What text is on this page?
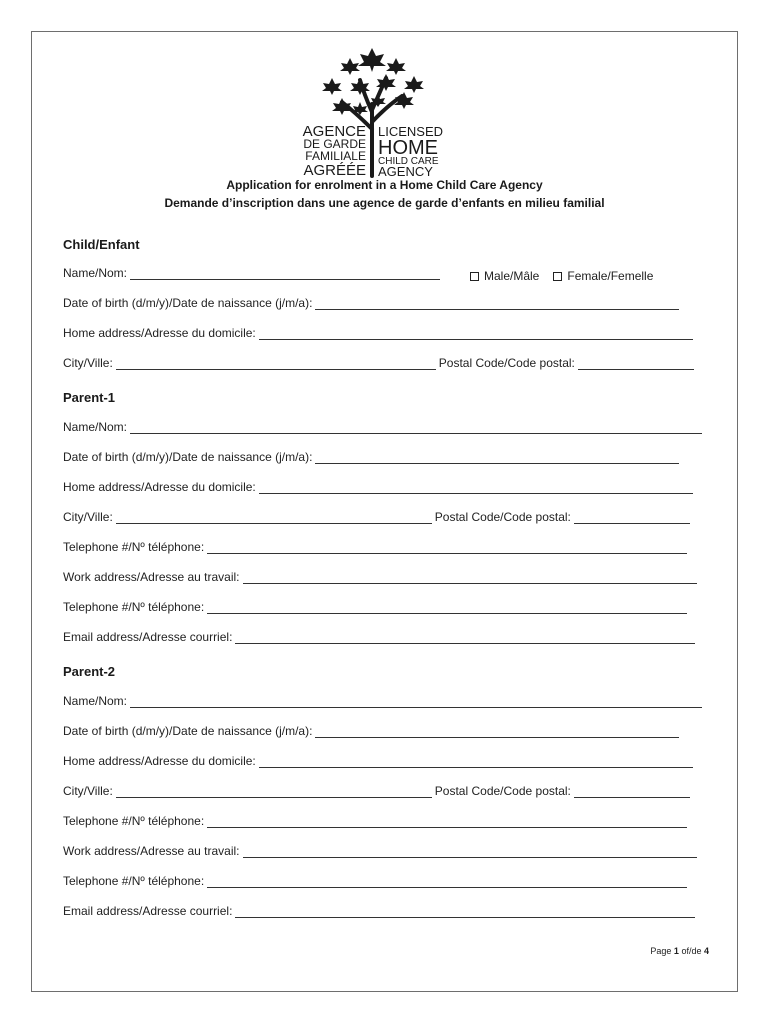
AGENCE
DE GARDE
FAMILIALE
AGRÉÉE
LICENSED
HOME
CHILD CARE
AGENCY
Application for enrolment in a Home Child Care Agency
Demande d’inscription dans une agence de garde d’enfants en milieu familial
Child/Enfant
Name/Nom:	Male/Mâle Female/Femelle
Date of birth (d/m/y)/Date de naissance (j/m/a):
Home address/Adresse du domicile:
City/Ville:	Postal Code/Code postal:
Parent-1
Name/Nom:
Date of birth (d/m/y)/Date de naissance (j/m/a):
Home address/Adresse du domicile:
City/Ville:	Postal Code/Code postal:
Telephone #/Nº téléphone:
Work address/Adresse au travail:
Telephone #/Nº téléphone:
Email address/Adresse courriel:
Parent-2
Name/Nom:
Date of birth (d/m/y)/Date de naissance (j/m/a):
Home address/Adresse du domicile:
City/Ville:	Postal Code/Code postal:
Telephone #/Nº téléphone:
Work address/Adresse au travail:
Telephone #/Nº téléphone:
Email address/Adresse courriel:
Page 1 of/de 4
